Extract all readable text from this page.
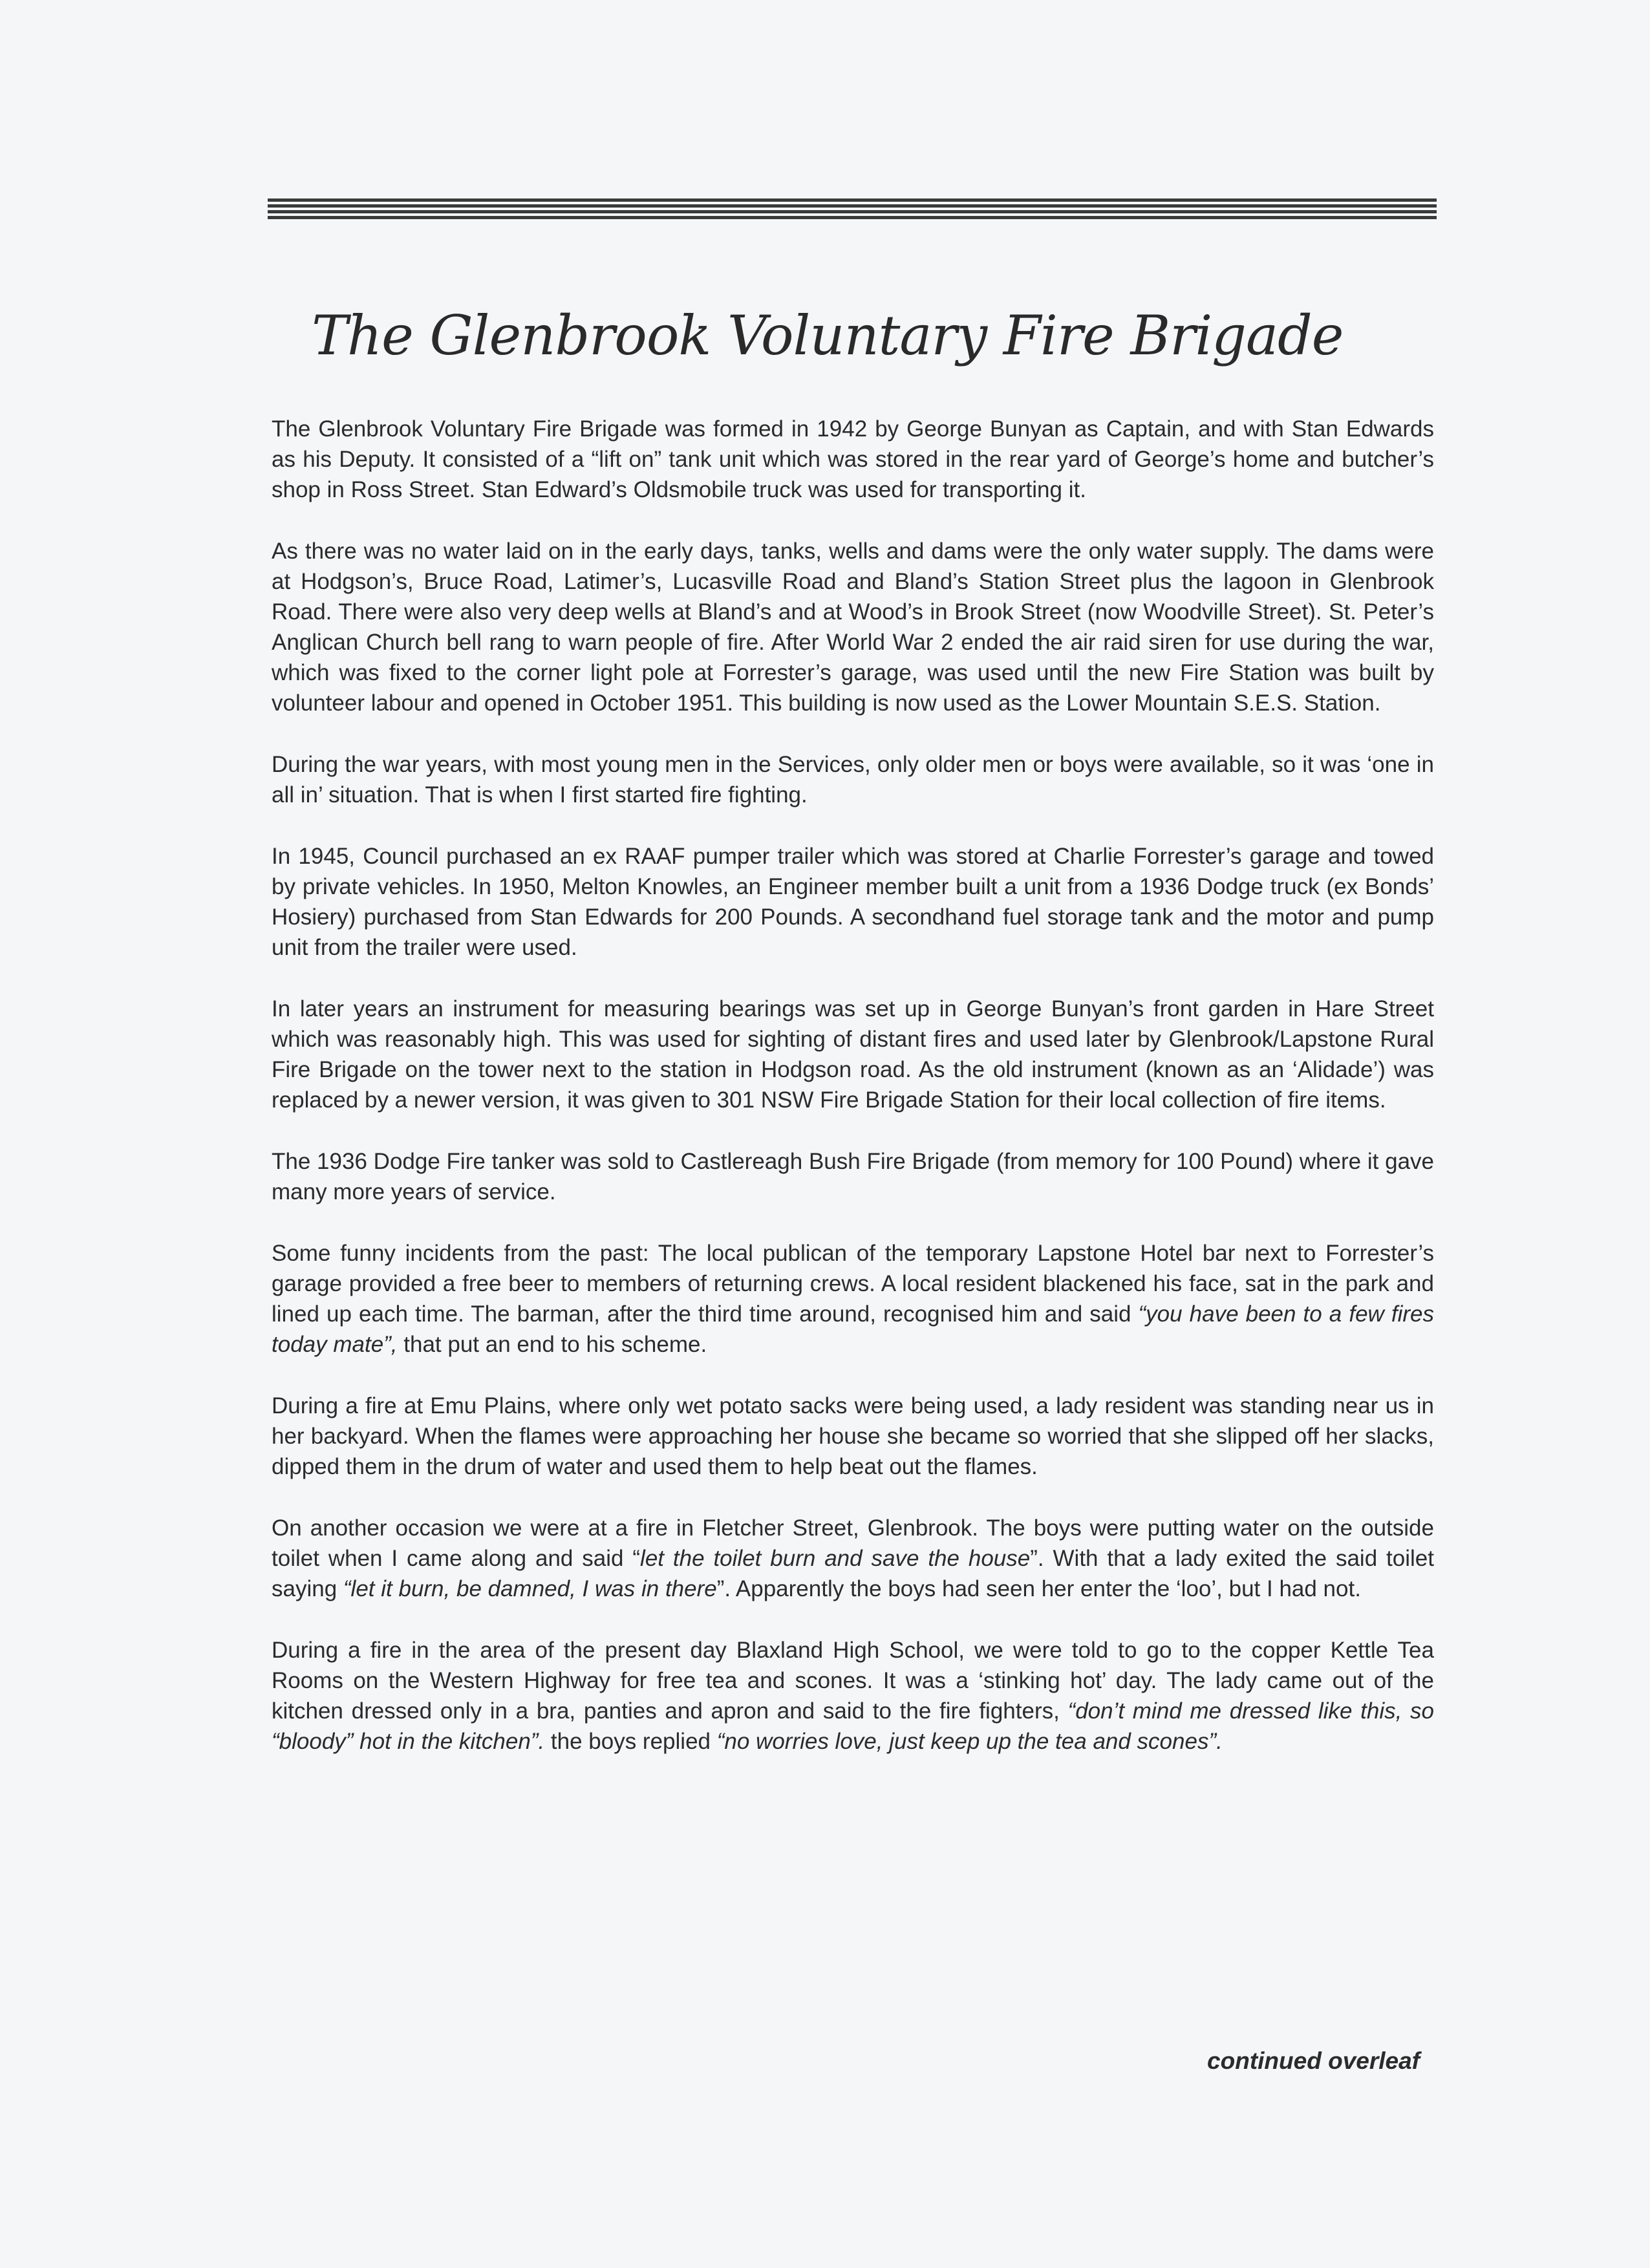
The Glenbrook Voluntary Fire Brigade

The Glenbrook Voluntary Fire Brigade was formed in 1942 by George Bunyan as Captain, and with Stan Edwards as his Deputy. It consisted of a “lift on” tank unit which was stored in the rear yard of George’s home and butcher’s shop in Ross Street. Stan Edward’s Oldsmobile truck was used for transporting it.

As there was no water laid on in the early days, tanks, wells and dams were the only water supply. The dams were at Hodgson’s, Bruce Road, Latimer’s, Lucasville Road and Bland’s Station Street plus the lagoon in Glenbrook Road. There were also very deep wells at Bland’s and at Wood’s in Brook Street (now Woodville Street). St. Peter’s Anglican Church bell rang to warn people of fire. After World War 2 ended the air raid siren for use during the war, which was fixed to the corner light pole at Forrester’s garage, was used until the new Fire Station was built by volunteer labour and opened in October 1951. This building is now used as the Lower Mountain S.E.S. Station.

During the war years, with most young men in the Services, only older men or boys were available, so it was ‘one in all in’ situation. That is when I first started fire fighting.

In 1945, Council purchased an ex RAAF pumper trailer which was stored at Charlie Forrester’s garage and towed by private vehicles. In 1950, Melton Knowles, an Engineer member built a unit from a 1936 Dodge truck (ex Bonds’ Hosiery) purchased from Stan Edwards for 200 Pounds. A secondhand fuel storage tank and the motor and pump unit from the trailer were used.

In later years an instrument for measuring bearings was set up in George Bunyan’s front garden in Hare Street which was reasonably high. This was used for sighting of distant fires and used later by Glenbrook/Lapstone Rural Fire Brigade on the tower next to the station in Hodgson road. As the old instrument (known as an ‘Alidade’) was replaced by a newer version, it was given to 301 NSW Fire Brigade Station for their local collection of fire items.

The 1936 Dodge Fire tanker was sold to Castlereagh Bush Fire Brigade (from memory for 100 Pound) where it gave many more years of service.

Some funny incidents from the past: The local publican of the temporary Lapstone Hotel bar next to Forrester’s garage provided a free beer to members of returning crews. A local resident blackened his face, sat in the park and lined up each time. The barman, after the third time around, recognised him and said “you have been to a few fires today mate”, that put an end to his scheme.

During a fire at Emu Plains, where only wet potato sacks were being used, a lady resident was standing near us in her backyard. When the flames were approaching her house she became so worried that she slipped off her slacks, dipped them in the drum of water and used them to help beat out the flames.

On another occasion we were at a fire in Fletcher Street, Glenbrook. The boys were putting water on the outside toilet when I came along and said “let the toilet burn and save the house”. With that a lady exited the said toilet saying “let it burn, be damned, I was in there”. Apparently the boys had seen her enter the ‘loo’, but I had not.

During a fire in the area of the present day Blaxland High School, we were told to go to the copper Kettle Tea Rooms on the Western Highway for free tea and scones. It was a ‘stinking hot’ day. The lady came out of the kitchen dressed only in a bra, panties and apron and said to the fire fighters, “don’t mind me dressed like this, so “bloody” hot in the kitchen”. the boys replied “no worries love, just keep up the tea and scones”.

continued overleaf
